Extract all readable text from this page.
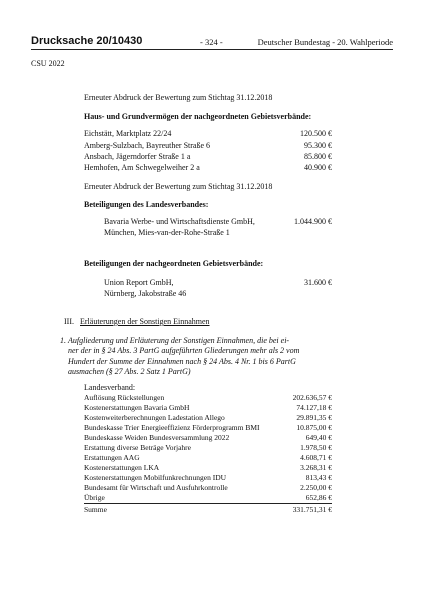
Drucksache 20/10430	- 324 -	Deutscher Bundestag - 20. Wahlperiode
CSU 2022
Erneuter Abdruck der Bewertung zum Stichtag 31.12.2018
Haus- und Grundvermögen der nachgeordneten Gebietsverbände:
Eichstätt, Marktplatz 22/24	120.500 €
Amberg-Sulzbach, Bayreuther Straße 6	95.300 €
Ansbach, Jägerndorfer Straße 1 a	85.800 €
Hemhofen, Am Schwegelweiher 2 a	40.900 €
Erneuter Abdruck der Bewertung zum Stichtag 31.12.2018
Beteiligungen des Landesverbandes:
Bavaria Werbe- und Wirtschaftsdienste GmbH,
München, Mies-van-der-Rohe-Straße 1
1.044.900 €
Beteiligungen der nachgeordneten Gebietsverbände:
Union Report GmbH,
Nürnberg, Jakobstraße 46
31.600 €
III. Erläuterungen der Sonstigen Einnahmen
1. Aufgliederung und Erläuterung der Sonstigen Einnahmen, die bei ei-
ner der in § 24 Abs. 3 PartG aufgeführten Gliederungen mehr als 2 vom
Hundert der Summe der Einnahmen nach § 24 Abs. 4 Nr. 1 bis 6 PartG
ausmachen (§ 27 Abs. 2 Satz 1 PartG)
Landesverband:
Auflösung Rückstellungen	202.636,57 €
Kostenerstattungen Bavaria GmbH	74.127,18 €
Kostenweiterberechnungen Ladestation Allego	29.891,35 €
Bundeskasse Trier Energieeffizienz Förderprogramm BMI	10.875,00 €
Bundeskasse Weiden Bundesversammlung 2022	649,40 €
Erstattung diverse Beträge Vorjahre	1.978,50 €
Erstattungen AAG	4.608,71 €
Kostenerstattungen LKA	3.268,31 €
Kostenerstattungen Mobilfunkrechnungen IDU	813,43 €
Bundesamt für Wirtschaft und Ausfuhrkontrolle	2.250,00 €
Übrige	652,86 €
Summe	331.751,31 €
